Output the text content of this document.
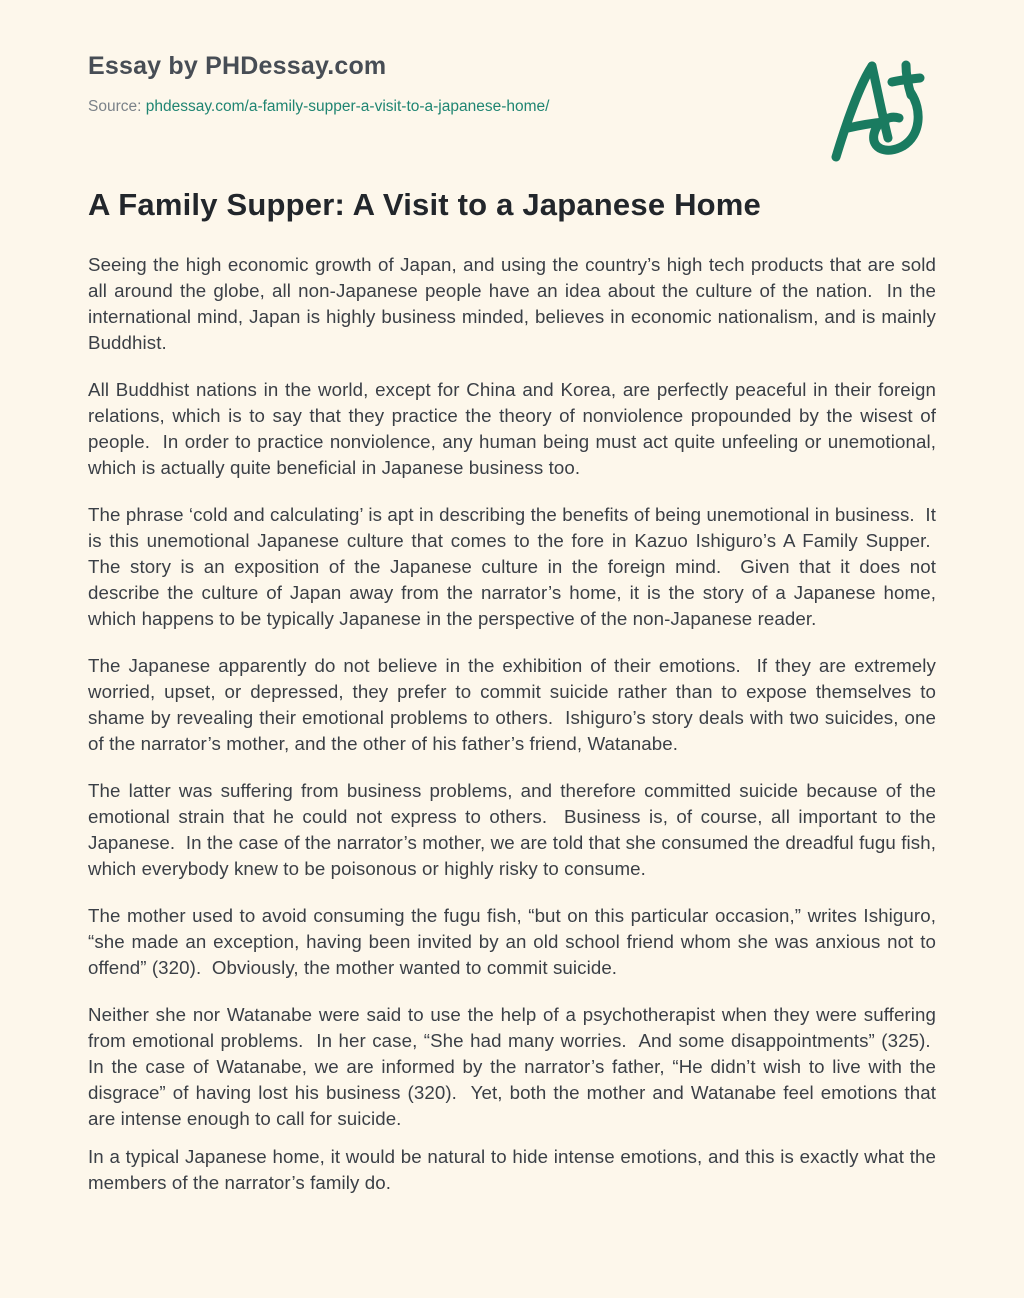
Essay by PHDessay.com

Source: phdessay.com/a-family-supper-a-visit-to-a-japanese-home/

A Family Supper: A Visit to a Japanese Home

Seeing the high economic growth of Japan, and using the country’s high tech products that are sold all around the globe, all non-Japanese people have an idea about the culture of the nation.  In the international mind, Japan is highly business minded, believes in economic nationalism, and is mainly Buddhist.

All Buddhist nations in the world, except for China and Korea, are perfectly peaceful in their foreign relations, which is to say that they practice the theory of nonviolence propounded by the wisest of people.  In order to practice nonviolence, any human being must act quite unfeeling or unemotional, which is actually quite beneficial in Japanese business too.

The phrase ‘cold and calculating’ is apt in describing the benefits of being unemotional in business.  It is this unemotional Japanese culture that comes to the fore in Kazuo Ishiguro’s A Family Supper.  The story is an exposition of the Japanese culture in the foreign mind.  Given that it does not describe the culture of Japan away from the narrator’s home, it is the story of a Japanese home, which happens to be typically Japanese in the perspective of the non-Japanese reader.

The Japanese apparently do not believe in the exhibition of their emotions.  If they are extremely worried, upset, or depressed, they prefer to commit suicide rather than to expose themselves to shame by revealing their emotional problems to others.  Ishiguro’s story deals with two suicides, one of the narrator’s mother, and the other of his father’s friend, Watanabe.

The latter was suffering from business problems, and therefore committed suicide because of the emotional strain that he could not express to others.  Business is, of course, all important to the Japanese.  In the case of the narrator’s mother, we are told that she consumed the dreadful fugu fish, which everybody knew to be poisonous or highly risky to consume.

The mother used to avoid consuming the fugu fish, “but on this particular occasion,” writes Ishiguro, “she made an exception, having been invited by an old school friend whom she was anxious not to offend” (320).  Obviously, the mother wanted to commit suicide.

Neither she nor Watanabe were said to use the help of a psychotherapist when they were suffering from emotional problems.  In her case, “She had many worries.  And some disappointments” (325).  In the case of Watanabe, we are informed by the narrator’s father, “He didn’t wish to live with the disgrace” of having lost his business (320).  Yet, both the mother and Watanabe feel emotions that are intense enough to call for suicide.

In a typical Japanese home, it would be natural to hide intense emotions, and this is exactly what the members of the narrator’s family do.
